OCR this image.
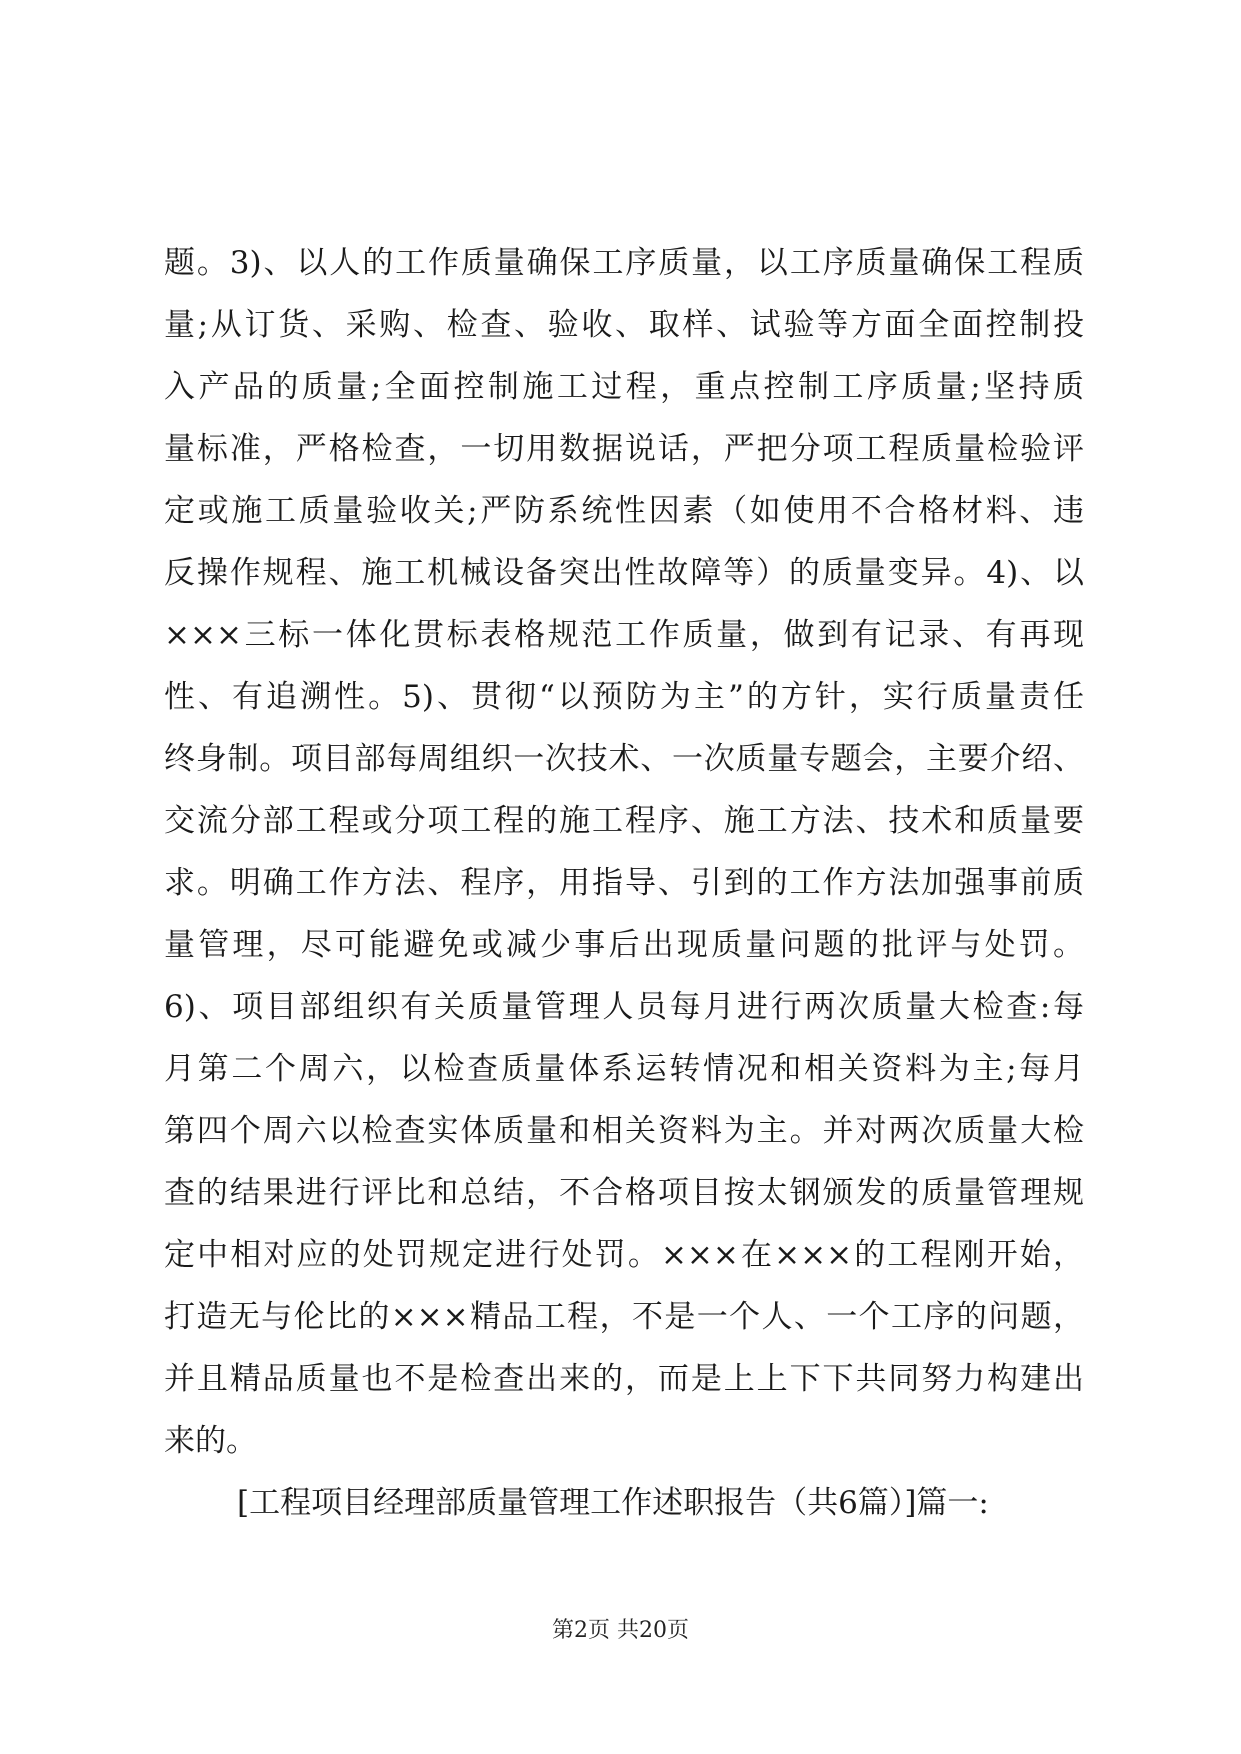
题。3)、以人的工作质量确保工序质量，以工序质量确保工程质
量;从订货、采购、检查、验收、取样、试验等方面全面控制投
入产品的质量;全面控制施工过程，重点控制工序质量;坚持质
量标准，严格检查，一切用数据说话，严把分项工程质量检验评
定或施工质量验收关;严防系统性因素（如使用不合格材料、违
反操作规程、施工机械设备突出性故障等）的质量变异。4)、以
×××三标一体化贯标表格规范工作质量，做到有记录、有再现
性、有追溯性。5)、贯彻“以预防为主”的方针，实行质量责任
终身制。项目部每周组织一次技术、一次质量专题会，主要介绍、
交流分部工程或分项工程的施工程序、施工方法、技术和质量要
求。明确工作方法、程序，用指导、引到的工作方法加强事前质
量管理，尽可能避免或减少事后出现质量问题的批评与处罚。
6)、项目部组织有关质量管理人员每月进行两次质量大检查:每
月第二个周六，以检查质量体系运转情况和相关资料为主;每月
第四个周六以检查实体质量和相关资料为主。并对两次质量大检
查的结果进行评比和总结，不合格项目按太钢颁发的质量管理规
定中相对应的处罚规定进行处罚。×××在×××的工程刚开始，
打造无与伦比的×××精品工程，不是一个人、一个工序的问题，
并且精品质量也不是检查出来的，而是上上下下共同努力构建出
来的。
[工程项目经理部质量管理工作述职报告（共6篇）]篇一:
第2页 共20页
